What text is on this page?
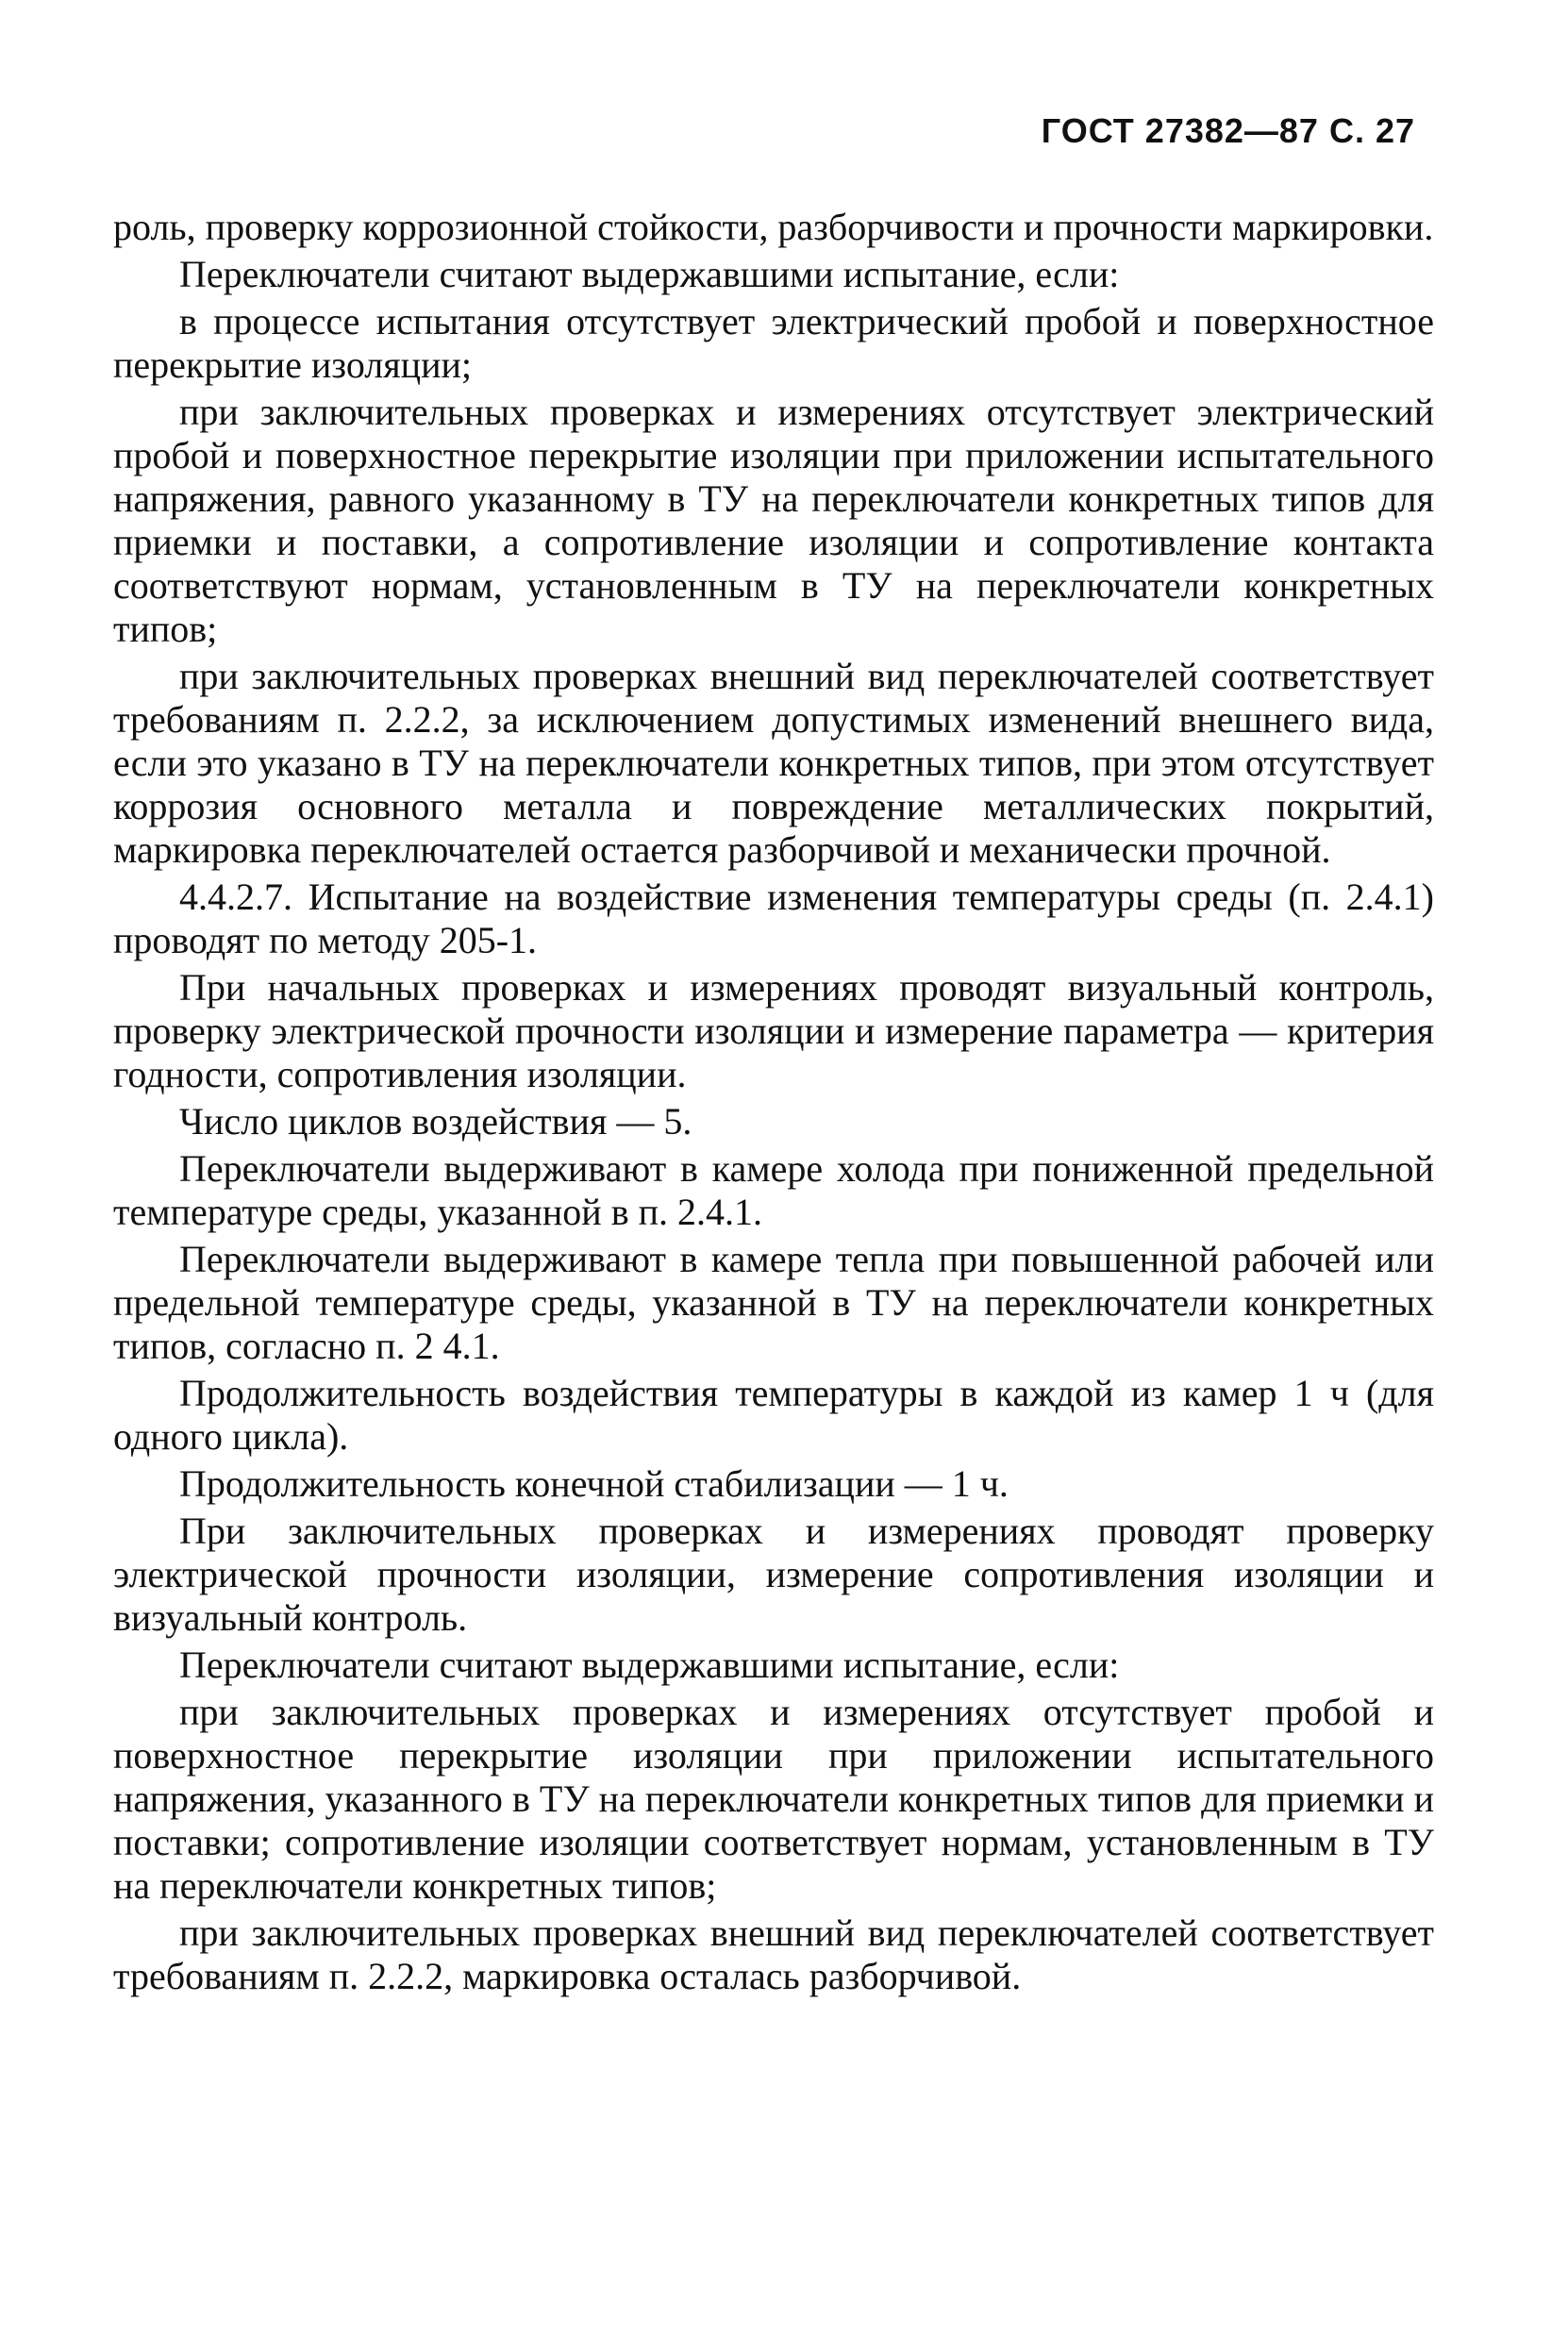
ГОСТ 27382—87 С. 27

роль, проверку коррозионной стойкости, разборчивости и прочности маркировки.

Переключатели считают выдержавшими испытание, если:

в процессе испытания отсутствует электрический пробой и поверхностное перекрытие изоляции;

при заключительных проверках и измерениях отсутствует электрический пробой и поверхностное перекрытие изоляции при приложении испытательного напряжения, равного указанному в ТУ на переключатели конкретных типов для приемки и поставки, а сопротивление изоляции и сопротивление контакта соответствуют нормам, установленным в ТУ на переключатели конкретных типов;

при заключительных проверках внешний вид переключателей соответствует требованиям п. 2.2.2, за исключением допустимых изменений внешнего вида, если это указано в ТУ на переключатели конкретных типов, при этом отсутствует коррозия основного металла и повреждение металлических покрытий, маркировка переключателей остается разборчивой и механически прочной.

4.4.2.7. Испытание на воздействие изменения температуры среды (п. 2.4.1) проводят по методу 205-1.

При начальных проверках и измерениях проводят визуальный контроль, проверку электрической прочности изоляции и измерение параметра — критерия годности, сопротивления изоляции.

Число циклов воздействия — 5.

Переключатели выдерживают в камере холода при пониженной предельной температуре среды, указанной в п. 2.4.1.

Переключатели выдерживают в камере тепла при повышенной рабочей или предельной температуре среды, указанной в ТУ на переключатели конкретных типов, согласно п. 2 4.1.

Продолжительность воздействия температуры в каждой из камер 1 ч (для одного цикла).

Продолжительность конечной стабилизации — 1 ч.

При заключительных проверках и измерениях проводят проверку электрической прочности изоляции, измерение сопротивления изоляции и визуальный контроль.

Переключатели считают выдержавшими испытание, если:

при заключительных проверках и измерениях отсутствует пробой и поверхностное перекрытие изоляции при приложении испытательного напряжения, указанного в ТУ на переключатели конкретных типов для приемки и поставки; сопротивление изоляции соответствует нормам, установленным в ТУ на переключатели конкретных типов;

при заключительных проверках внешний вид переключателей соответствует требованиям п. 2.2.2, маркировка осталась разборчивой.
